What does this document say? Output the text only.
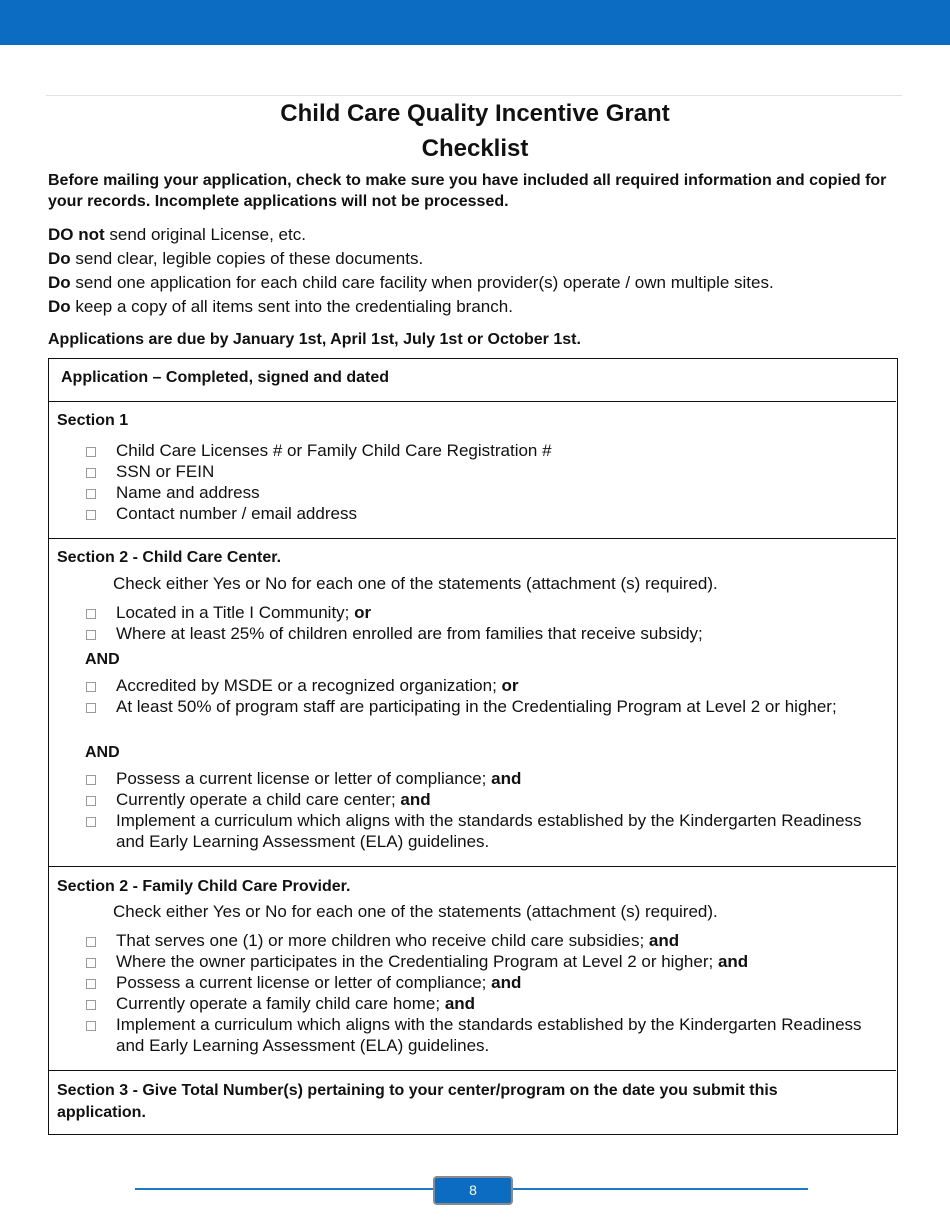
Child Care Quality Incentive Grant
Checklist
Before mailing your application, check to make sure you have included all required information and copied for your records. Incomplete applications will not be processed.
DO not send original License, etc.
Do send clear, legible copies of these documents.
Do send one application for each child care facility when provider(s) operate / own multiple sites.
Do keep a copy of all items sent into the credentialing branch.
Applications are due by January 1st, April 1st, July 1st or October 1st.
Application – Completed, signed and dated
Section 1
Child Care Licenses # or Family Child Care Registration #
SSN or FEIN
Name and address
Contact number / email address
Section 2 - Child Care Center.
Check either Yes or No for each one of the statements (attachment (s) required).
Located in a Title I Community; or
Where at least 25% of children enrolled are from families that receive subsidy;
AND
Accredited by MSDE or a recognized organization; or
At least 50% of program staff are participating in the Credentialing Program at Level 2 or higher;
AND
Possess a current license or letter of compliance; and
Currently operate a child care center; and
Implement a curriculum which aligns with the standards established by the Kindergarten Readiness and Early Learning Assessment (ELA) guidelines.
Section 2 - Family Child Care Provider.
Check either Yes or No for each one of the statements (attachment (s) required).
That serves one (1) or more children who receive child care subsidies; and
Where the owner participates in the Credentialing Program at Level 2 or higher; and
Possess a current license or letter of compliance; and
Currently operate a family child care home; and
Implement a curriculum which aligns with the standards established by the Kindergarten Readiness and Early Learning Assessment (ELA) guidelines.
Section 3 - Give Total Number(s) pertaining to your center/program on the date you submit this application.
8
